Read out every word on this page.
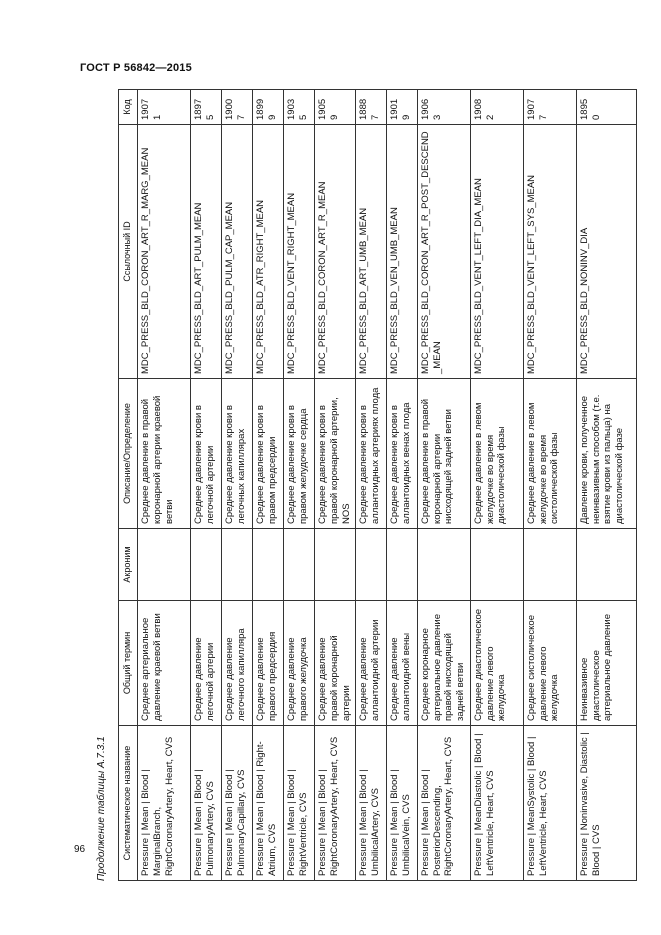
ГОСТ Р 56842—2015
Продолжение таблицы А.7.3.1 Систематическое название	Общий термин	Акроним	Описание/Определение	Ссылочный ID	Код
Pressure | Mean | Blood | MarginalBranch, RightCoronaryArtery, Heart, CVS	Среднее артериальное давление краевой ветви		Среднее давление в правой коронарной артерии краевой ветви	MDC_PRESS_BLD_CORON_ART_R_MARG_MEAN	19071
Pressure | Mean | Blood | PulmonaryArtery, CVS	Среднее давление легочной артерии		Среднее давление крови в легочной артерии	MDC_PRESS_BLD_ART_PULM_MEAN	18975
Pressure | Mean | Blood | PulmonaryCapillary, CVS	Среднее давление легочного капилляра		Среднее давление крови в легочных капиллярах	MDC_PRESS_BLD_PULM_CAP_MEAN	19007
Pressure | Mean | Blood | Right-Atrium, CVS	Среднее давление правого предсердия		Среднее давление крови в правом предсердии	MDC_PRESS_BLD_ATR_RIGHT_MEAN	18999
Pressure | Mean | Blood | RightVentricle, CVS	Среднее давление правого желудочка		Среднее давление крови в правом желудочке сердца	MDC_PRESS_BLD_VENT_RIGHT_MEAN	19035
Pressure | Mean | Blood | RightCoronaryArtery, Heart, CVS	Среднее давление правой коронарной артерии		Среднее давление крови в правой коронарной артерии, NOS	MDC_PRESS_BLD_CORON_ART_R_MEAN	19059
Pressure | Mean | Blood | UmbilicalArtery, CVS	Среднее давление аллантоидной артерии		Среднее давление крови в аллантоидных артериях плода	MDC_PRESS_BLD_ART_UMB_MEAN	18887
Pressure | Mean | Blood | UmbilicalVein, CVS	Среднее давление аллантоидной вены		Среднее давление крови в аллантоидных венах плода	MDC_PRESS_BLD_VEN_UMB_MEAN	19019
Pressure | Mean | Blood | PosteriorDescending, RightCoronaryArtery, Heart, CVS	Среднее коронарное артериальное давление правой нисходящей задней ветви		Среднее давление в правой коронарной артерии нисходящей задней ветви	MDC_PRESS_BLD_CORON_ART_R_POST_DESCEND_MEAN	19063
Pressure | MeanDiastolic | Blood | LeftVentricle, Heart, CVS	Среднее диастолическое давление левого желудочка		Среднее давление в левом желудочке во время диастолической фазы	MDC_PRESS_BLD_VENT_LEFT_DIA_MEAN	19082
Pressure | MeanSystolic | Blood | LeftVentricle, Heart, CVS	Среднее систолическое давление левого желудочка		Среднее давление в левом желудочке во время систолической фазы	MDC_PRESS_BLD_VENT_LEFT_SYS_MEAN	19077
Pressure | Noninvasive, Diastolic | Blood | CVS	Неинвазивное диастолическое артериальное давление		Давление крови, полученное неинвазивным способом (т.е. взятие крови из пальца) на диастолической фазе	MDC_PRESS_BLD_NONINV_DIA	18950
96
